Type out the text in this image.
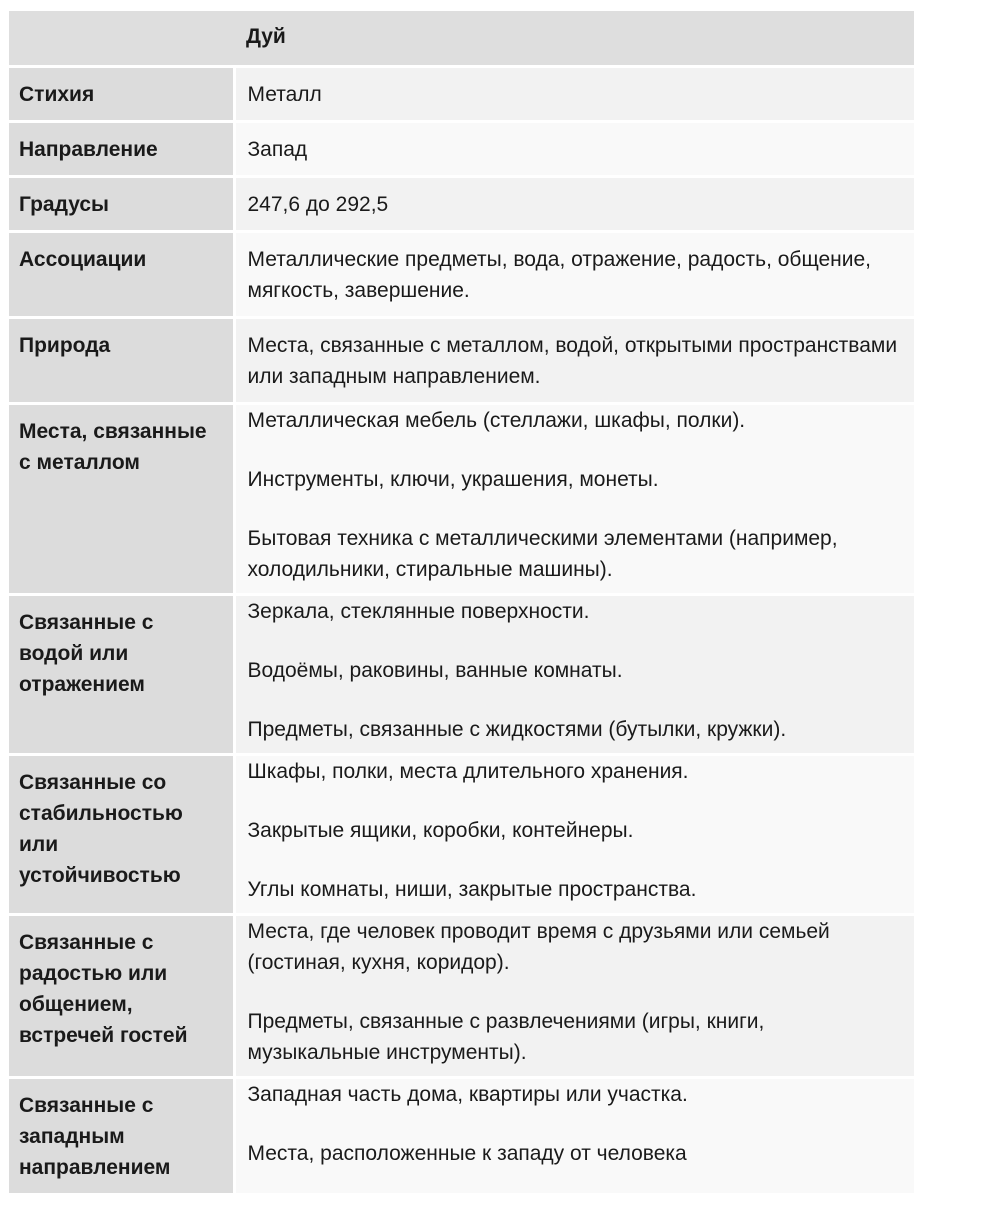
	Дуй
Стихия	Металл
Направление	Запад
Градусы	247,6 до 292,5
Ассоциации	Металлические предметы, вода, отражение, радость, общение, мягкость, завершение.
Природа	Места, связанные с металлом, водой, открытыми пространствами или западным направлением.
Места, связанные с металлом	Металлическая мебель (стеллажи, шкафы, полки).

Инструменты, ключи, украшения, монеты.

Бытовая техника с металлическими элементами (например, холодильники, стиральные машины).

Связанные с водой или отражением	Зеркала, стеклянные поверхности.

Водоёмы, раковины, ванные комнаты.

Предметы, связанные с жидкостями (бутылки, кружки).

Связанные со стабильностью или устойчивостью	Шкафы, полки, места длительного хранения.

Закрытые ящики, коробки, контейнеры.

Углы комнаты, ниши, закрытые пространства.

Связанные с радостью или общением, встречей гостей	Места, где человек проводит время с друзьями или семьей (гостиная, кухня, коридор).

Предметы, связанные с развлечениями (игры, книги, музыкальные инструменты).

Связанные с западным направлением	Западная часть дома, квартиры или участка.

Места, расположенные к западу от человека
